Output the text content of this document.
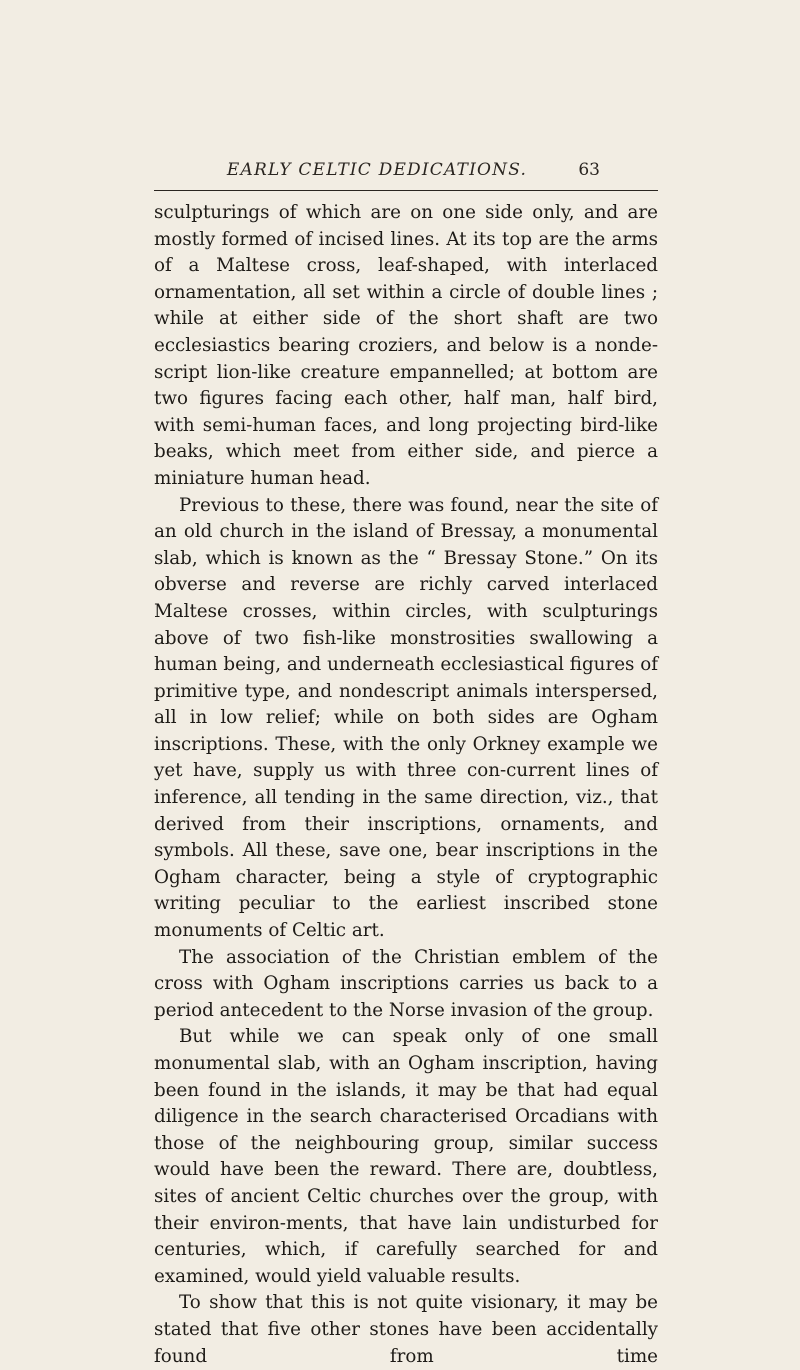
EARLY CELTIC DEDICATIONS.	63

sculpturings of which are on one side only, and are mostly formed of incised lines. At its top are the arms of a Maltese cross, leaf-shaped, with interlaced ornamentation, all set within a circle of double lines ; while at either side of the short shaft are two ecclesiastics bearing croziers, and below is a nonde-script lion-like creature empannelled; at bottom are two figures facing each other, half man, half bird, with semi-human faces, and long projecting bird-like beaks, which meet from either side, and pierce a miniature human head.

Previous to these, there was found, near the site of an old church in the island of Bressay, a monumental slab, which is known as the “ Bressay Stone.” On its obverse and reverse are richly carved interlaced Maltese crosses, within circles, with sculpturings above of two fish-like monstrosities swallowing a human being, and underneath ecclesiastical figures of primitive type, and nondescript animals interspersed, all in low relief; while on both sides are Ogham inscriptions. These, with the only Orkney example we yet have, supply us with three con-current lines of inference, all tending in the same direction, viz., that derived from their inscriptions, ornaments, and symbols. All these, save one, bear inscriptions in the Ogham character, being a style of cryptographic writing peculiar to the earliest inscribed stone monuments of Celtic art.

The association of the Christian emblem of the cross with Ogham inscriptions carries us back to a period antecedent to the Norse invasion of the group.

But while we can speak only of one small monumental slab, with an Ogham inscription, having been found in the islands, it may be that had equal diligence in the search characterised Orcadians with those of the neighbouring group, similar success would have been the reward. There are, doubtless, sites of ancient Celtic churches over the group, with their environ-ments, that have lain undisturbed for centuries, which, if carefully searched for and examined, would yield valuable results.

To show that this is not quite visionary, it may be stated that five other stones have been accidentally found from time
